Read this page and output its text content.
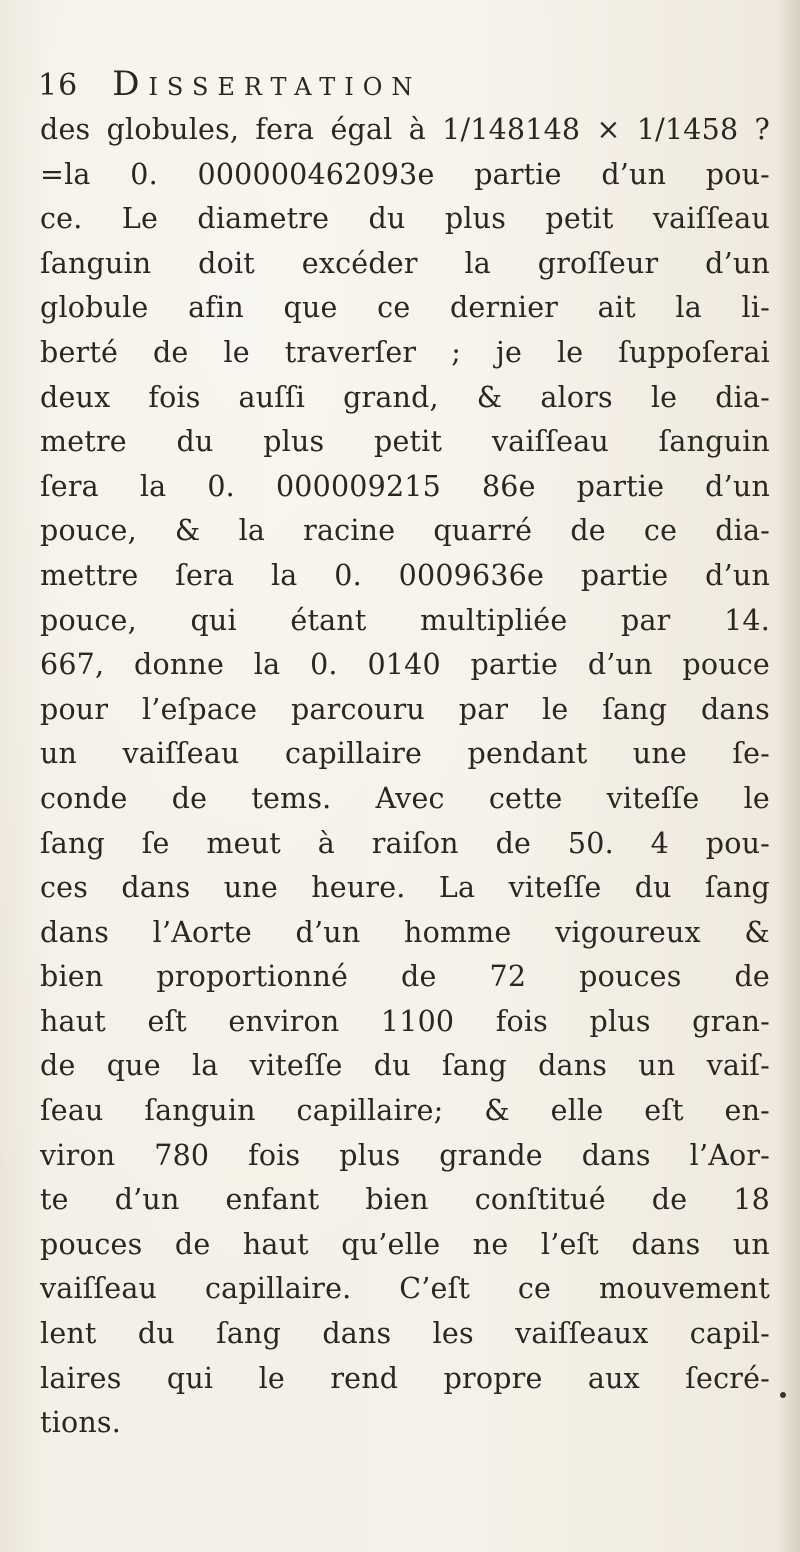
16 Dissertation
des globules, fera égal à 1/148148 × 1/1458 ?
=la 0. 000000462093e partie d’un pou-
ce. Le diametre du plus petit vaiſſeau
ſanguin doit excéder la groſſeur d’un
globule afin que ce dernier ait la li-
berté de le traverſer ; je le ſuppoſerai
deux fois auſſi grand, & alors le dia-
metre du plus petit vaiſſeau ſanguin
ſera la 0. 000009215 86e partie d’un
pouce, & la racine quarré de ce dia-
mettre ſera la 0. 0009636e partie d’un
pouce, qui étant multipliée par 14.
667, donne la 0. 0140 partie d’un pouce
pour l’eſpace parcouru par le ſang dans
un vaiſſeau capillaire pendant une ſe-
conde de tems. Avec cette viteſſe le
ſang ſe meut à raiſon de 50. 4 pou-
ces dans une heure. La viteſſe du ſang
dans l’Aorte d’un homme vigoureux &
bien proportionné de 72 pouces de
haut eſt environ 1100 fois plus gran-
de que la viteſſe du ſang dans un vaiſ-
ſeau ſanguin capillaire; & elle eſt en-
viron 780 fois plus grande dans l’Aor-
te d’un enfant bien conſtitué de 18
pouces de haut qu’elle ne l’eſt dans un
vaiſſeau capillaire. C’eſt ce mouvement
lent du ſang dans les vaiſſeaux capil-
laires qui le rend propre aux ſecré-
tions.
